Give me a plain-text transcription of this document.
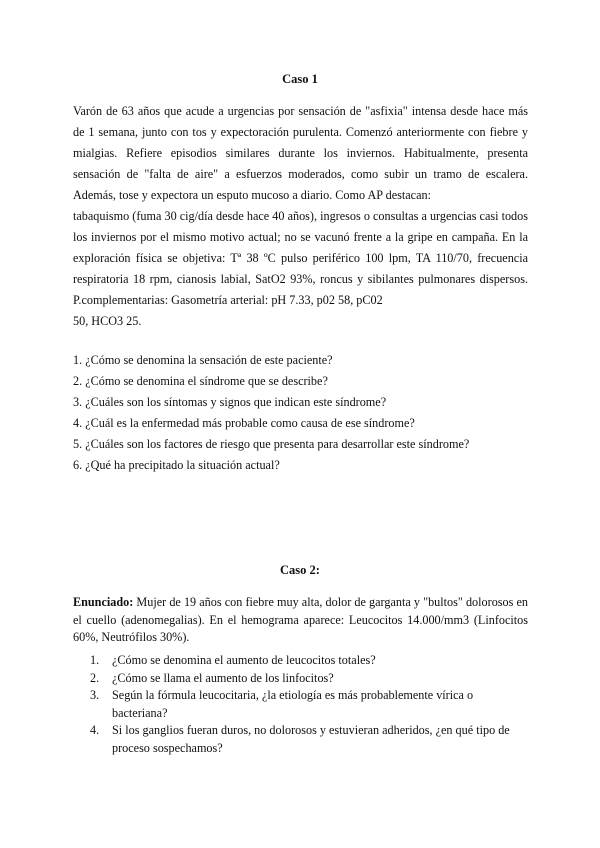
Caso 1

Varón de 63 años que acude a urgencias por sensación de "asfixia" intensa desde hace más de 1 semana, junto con tos y expectoración purulenta. Comenzó anteriormente con fiebre y mialgias. Refiere episodios similares durante los inviernos. Habitualmente, presenta sensación de "falta de aire" a esfuerzos moderados, como subir un tramo de escalera. Además, tose y expectora un esputo mucoso a diario. Como AP destacan:
tabaquismo (fuma 30 cig/día desde hace 40 años), ingresos o consultas a urgencias casi todos los inviernos por el mismo motivo actual; no se vacunó frente a la gripe en campaña. En la exploración física se objetiva: Tª 38 ºC pulso periférico 100 lpm, TA 110/70, frecuencia respiratoria 18 rpm, cianosis labial, SatO2 93%, roncus y sibilantes pulmonares dispersos. P.complementarias: Gasometría arterial: pH 7.33, p02 58, pC02
50, HCO3 25.

1. ¿Cómo se denomina la sensación de este paciente?
2. ¿Cómo se denomina el síndrome que se describe?
3. ¿Cuáles son los síntomas y signos que indican este síndrome?
4. ¿Cuál es la enfermedad más probable como causa de ese síndrome?
5. ¿Cuáles son los factores de riesgo que presenta para desarrollar este síndrome?
6. ¿Qué ha precipitado la situación actual?
Caso 2:

Enunciado: Mujer de 19 años con fiebre muy alta, dolor de garganta y "bultos" dolorosos en el cuello (adenomegalias). En el hemograma aparece: Leucocitos 14.000/mm3 (Linfocitos 60%, Neutrófilos 30%).

1. ¿Cómo se denomina el aumento de leucocitos totales?
2. ¿Cómo se llama el aumento de los linfocitos?
3. Según la fórmula leucocitaria, ¿la etiología es más probablemente vírica o bacteriana?
4. Si los ganglios fueran duros, no dolorosos y estuvieran adheridos, ¿en qué tipo de proceso sospechamos?
